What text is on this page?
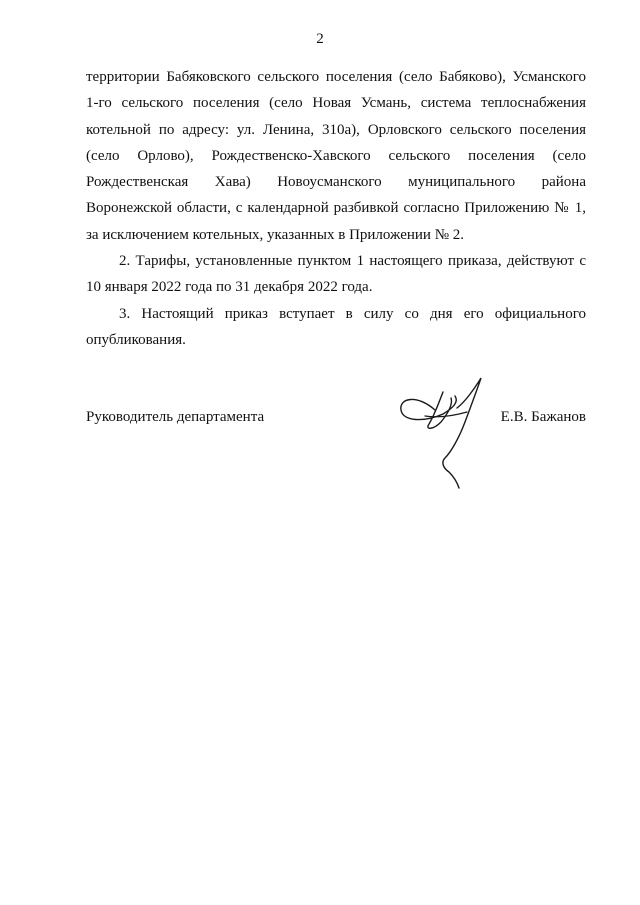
2

территории Бабяковского сельского поселения (село Бабяково), Усманского
1-го сельского поселения (село Новая Усмань, система теплоснабжения
котельной по адресу: ул. Ленина, 310а), Орловского сельского поселения
(село Орлово), Рождественско-Хавского сельского поселения (село
Рождественская Хава) Новоусманского муниципального района
Воронежской области, с календарной разбивкой согласно Приложению № 1,
за исключением котельных, указанных в Приложении № 2.

2. Тарифы, установленные пунктом 1 настоящего приказа, действуют с
10 января 2022 года по 31 декабря 2022 года.

3. Настоящий приказ вступает в силу со дня его официального
опубликования.

Руководитель департамента	Е.В. Бажанов
